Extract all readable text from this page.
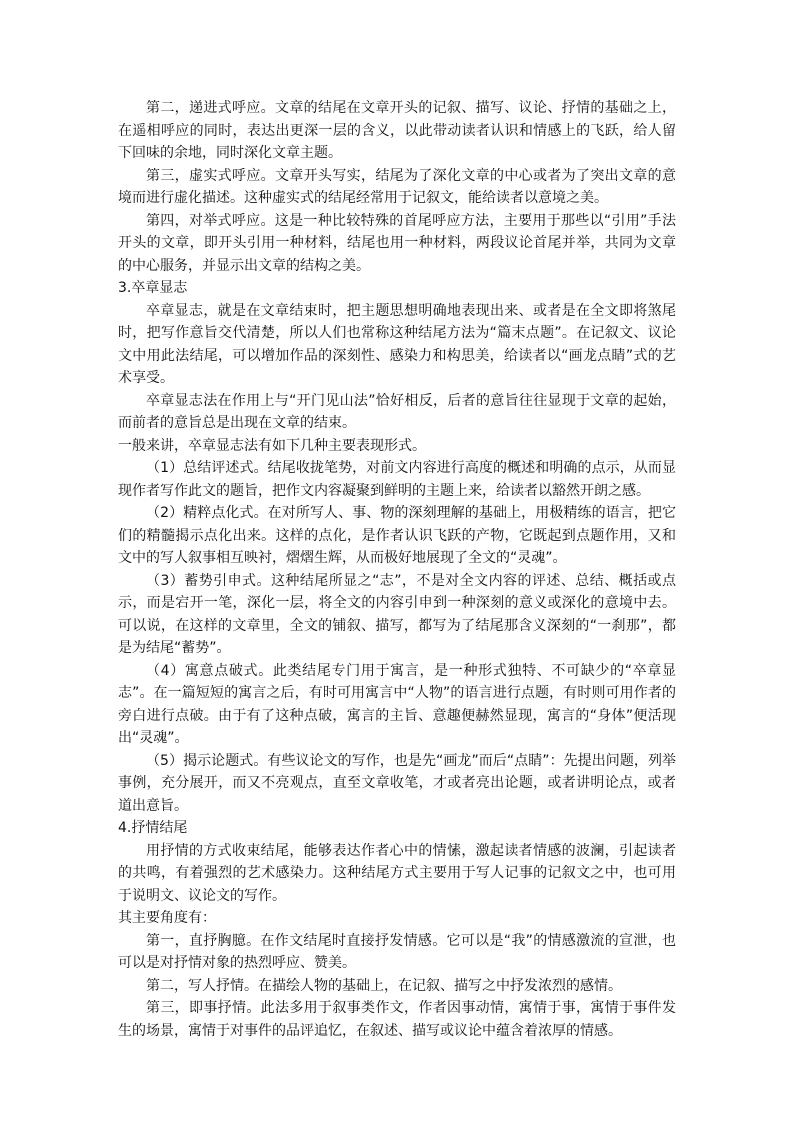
第二，递进式呼应。文章的结尾在文章开头的记叙、描写、议论、抒情的基础之上，在遥相呼应的同时，表达出更深一层的含义，以此带动读者认识和情感上的飞跃，给人留下回味的余地，同时深化文章主题。

第三，虚实式呼应。文章开头写实，结尾为了深化文章的中心或者为了突出文章的意境而进行虚化描述。这种虚实式的结尾经常用于记叙文，能给读者以意境之美。

第四，对举式呼应。这是一种比较特殊的首尾呼应方法，主要用于那些以“引用”手法开头的文章，即开头引用一种材料，结尾也用一种材料，两段议论首尾并举，共同为文章的中心服务，并显示出文章的结构之美。

3.卒章显志

卒章显志，就是在文章结束时，把主题思想明确地表现出来、或者是在全文即将煞尾时，把写作意旨交代清楚，所以人们也常称这种结尾方法为“篇末点题”。在记叙文、议论文中用此法结尾，可以增加作品的深刻性、感染力和构思美，给读者以“画龙点睛”式的艺术享受。

卒章显志法在作用上与“开门见山法”恰好相反，后者的意旨往往显现于文章的起始，而前者的意旨总是出现在文章的结束。

一般来讲，卒章显志法有如下几种主要表现形式。

（1）总结评述式。结尾收拢笔势，对前文内容进行高度的概述和明确的点示，从而显现作者写作此文的题旨，把作文内容凝聚到鲜明的主题上来，给读者以豁然开朗之感。

（2）精粹点化式。在对所写人、事、物的深刻理解的基础上，用极精练的语言，把它们的精髓揭示点化出来。这样的点化，是作者认识飞跃的产物，它既起到点题作用，又和文中的写人叙事相互映衬，熠熠生辉，从而极好地展现了全文的“灵魂”。

（3）蓄势引申式。这种结尾所显之“志”，不是对全文内容的评述、总结、概括或点示，而是宕开一笔，深化一层，将全文的内容引申到一种深刻的意义或深化的意境中去。可以说，在这样的文章里，全文的铺叙、描写，都写为了结尾那含义深刻的“一刹那”，都是为结尾“蓄势”。

（4）寓意点破式。此类结尾专门用于寓言，是一种形式独特、不可缺少的“卒章显志”。在一篇短短的寓言之后，有时可用寓言中“人物”的语言进行点题，有时则可用作者的旁白进行点破。由于有了这种点破，寓言的主旨、意趣便赫然显现，寓言的“身体”便活现出“灵魂”。

（5）揭示论题式。有些议论文的写作，也是先“画龙”而后“点睛”：先提出问题，列举事例，充分展开，而又不亮观点，直至文章收笔，才或者亮出论题，或者讲明论点，或者道出意旨。

4.抒情结尾

用抒情的方式收束结尾，能够表达作者心中的情愫，激起读者情感的波澜，引起读者的共鸣，有着强烈的艺术感染力。这种结尾方式主要用于写人记事的记叙文之中，也可用于说明文、议论文的写作。

其主要角度有：

第一，直抒胸臆。在作文结尾时直接抒发情感。它可以是“我”的情感激流的宣泄，也可以是对抒情对象的热烈呼应、赞美。

第二，写人抒情。在描绘人物的基础上，在记叙、描写之中抒发浓烈的感情。

第三，即事抒情。此法多用于叙事类作文，作者因事动情，寓情于事，寓情于事件发生的场景，寓情于对事件的品评追忆，在叙述、描写或议论中蕴含着浓厚的情感。
